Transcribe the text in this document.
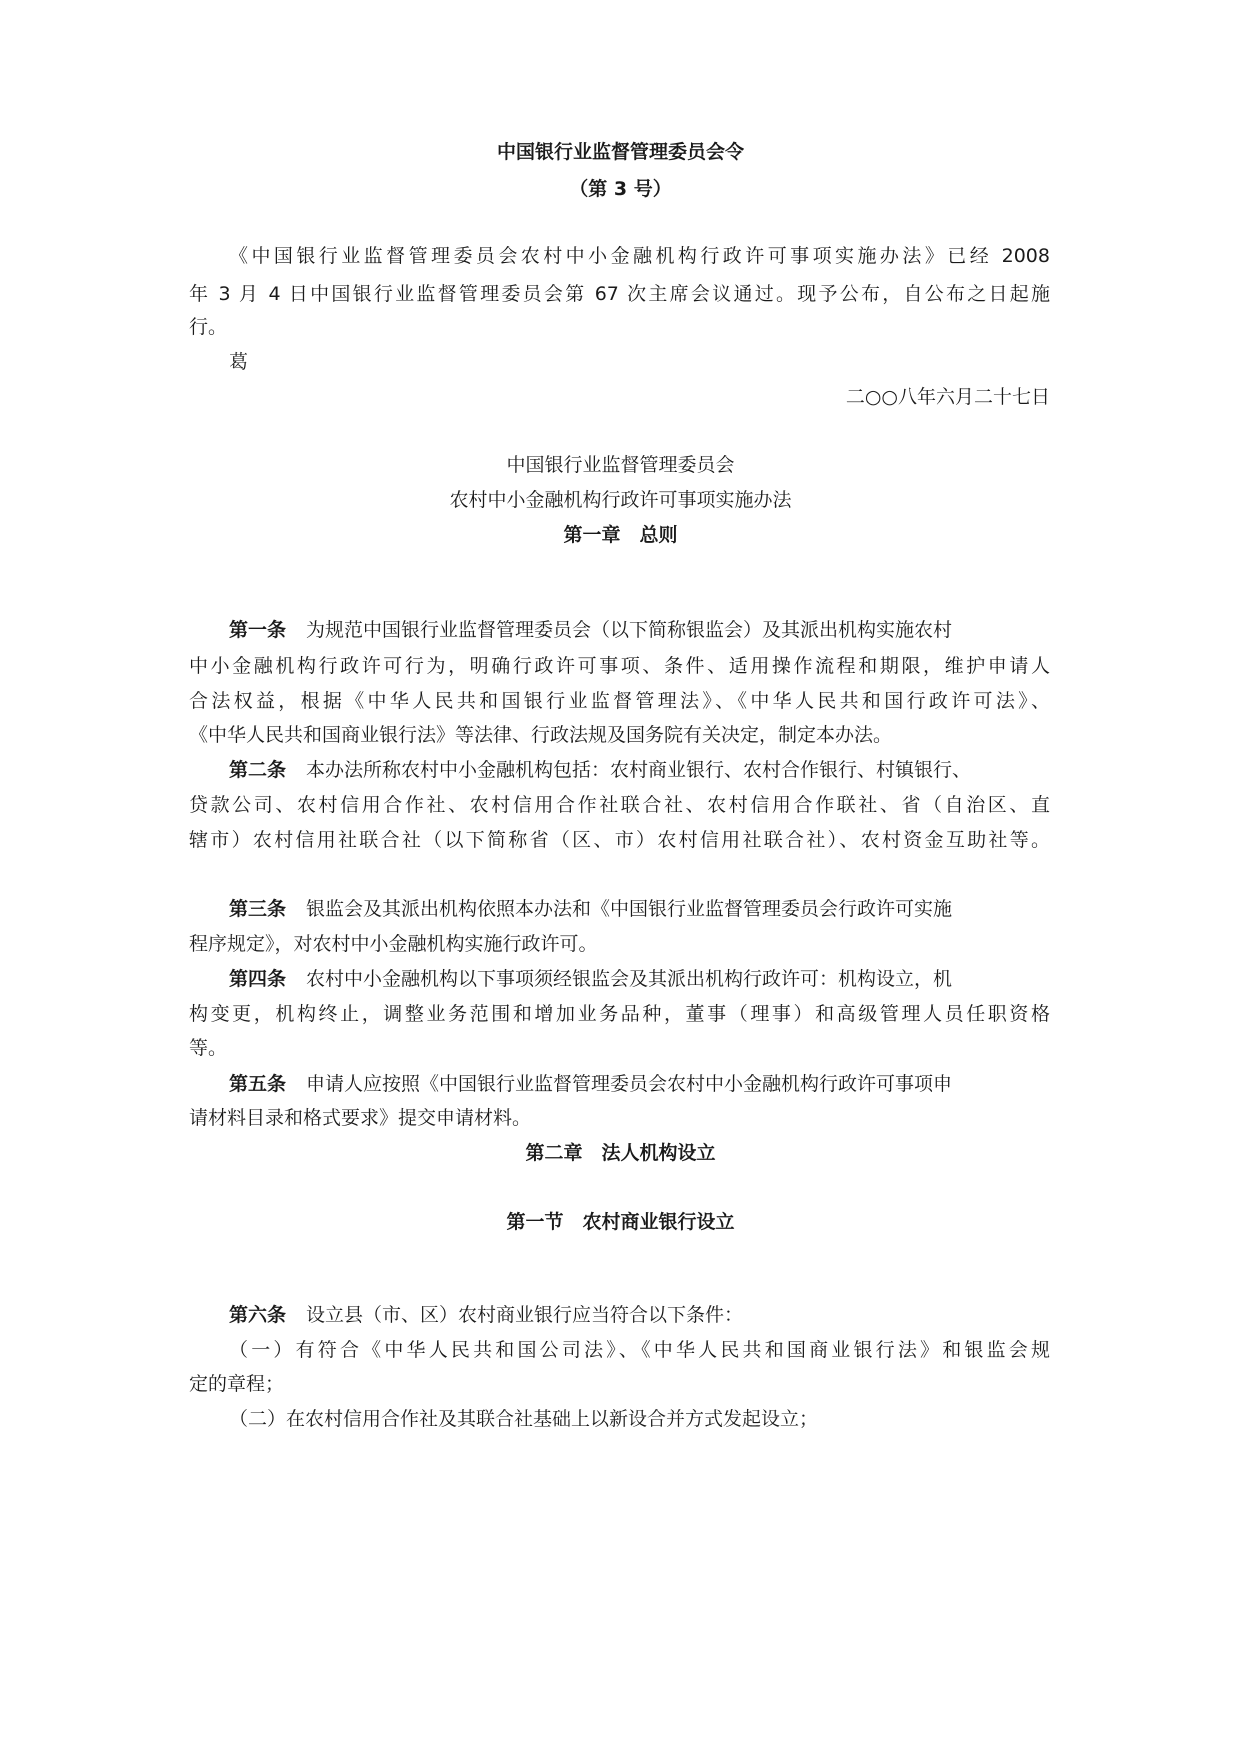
中国银行业监督管理委员会令
（第 3 号）
《中国银行业监督管理委员会农村中小金融机构行政许可事项实施办法》已经 2008
年 3 月 4 日中国银行业监督管理委员会第 67 次主席会议通过。现予公布，自公布之日起施
行。
葛
二○○八年六月二十七日
中国银行业监督管理委员会
农村中小金融机构行政许可事项实施办法
第一章　总则
第一条 为规范中国银行业监督管理委员会（以下简称银监会）及其派出机构实施农村
中小金融机构行政许可行为，明确行政许可事项、条件、适用操作流程和期限，维护申请人
合法权益，根据《中华人民共和国银行业监督管理法》、《中华人民共和国行政许可法》、
《中华人民共和国商业银行法》等法律、行政法规及国务院有关决定，制定本办法。
第二条 本办法所称农村中小金融机构包括：农村商业银行、农村合作银行、村镇银行、
贷款公司、农村信用合作社、农村信用合作社联合社、农村信用合作联社、省（自治区、直
辖市）农村信用社联合社（以下简称省（区、市）农村信用社联合社）、农村资金互助社等。
第三条 银监会及其派出机构依照本办法和《中国银行业监督管理委员会行政许可实施
程序规定》，对农村中小金融机构实施行政许可。
第四条 农村中小金融机构以下事项须经银监会及其派出机构行政许可：机构设立，机
构变更，机构终止，调整业务范围和增加业务品种，董事（理事）和高级管理人员任职资格
等。
第五条 申请人应按照《中国银行业监督管理委员会农村中小金融机构行政许可事项申
请材料目录和格式要求》提交申请材料。
第二章　法人机构设立
第一节　农村商业银行设立
第六条 设立县（市、区）农村商业银行应当符合以下条件：
（一）有符合《中华人民共和国公司法》、《中华人民共和国商业银行法》和银监会规
定的章程；
（二）在农村信用合作社及其联合社基础上以新设合并方式发起设立；
